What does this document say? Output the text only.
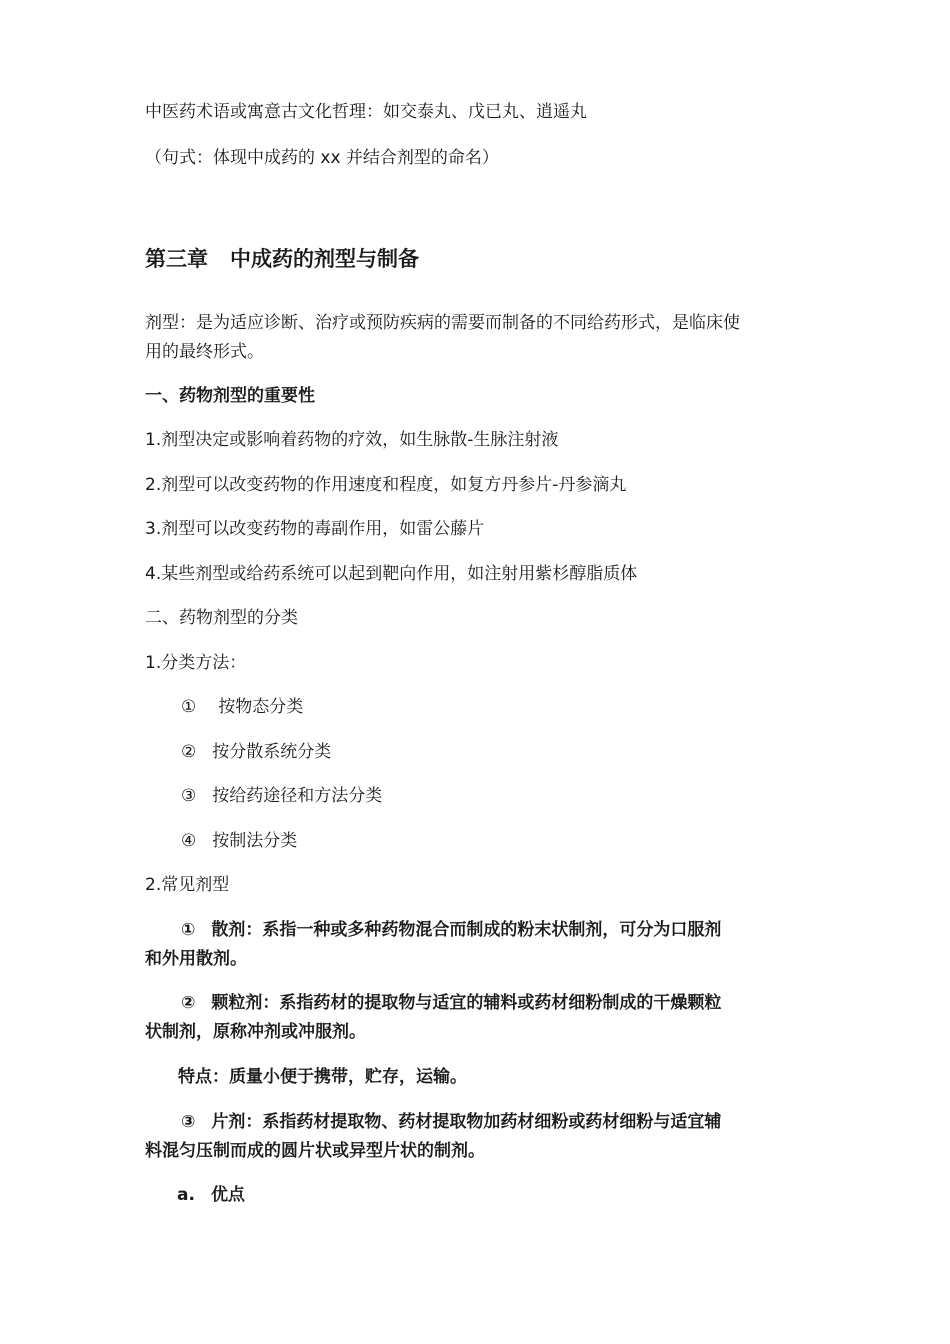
中医药术语或寓意古文化哲理：如交泰丸、戊已丸、逍遥丸
（句式：体现中成药的 xx 并结合剂型的命名）
第三章 中成药的剂型与制备
剂型：是为适应诊断、治疗或预防疾病的需要而制备的不同给药形式，是临床使
用的最终形式。
一、药物剂型的重要性
1.剂型决定或影响着药物的疗效，如生脉散-生脉注射液
2.剂型可以改变药物的作用速度和程度，如复方丹参片-丹参滴丸
3.剂型可以改变药物的毒副作用，如雷公藤片
4.某些剂型或给药系统可以起到靶向作用，如注射用紫杉醇脂质体
二、药物剂型的分类
1.分类方法：
① 按物态分类
② 按分散系统分类
③ 按给药途径和方法分类
④ 按制法分类
2.常见剂型
① 散剂：系指一种或多种药物混合而制成的粉末状制剂，可分为口服剂
和外用散剂。
② 颗粒剂：系指药材的提取物与适宜的辅料或药材细粉制成的干燥颗粒
状制剂，原称冲剂或冲服剂。
特点：质量小便于携带，贮存，运输。
③ 片剂：系指药材提取物、药材提取物加药材细粉或药材细粉与适宜辅
料混匀压制而成的圆片状或异型片状的制剂。
a. 优点
